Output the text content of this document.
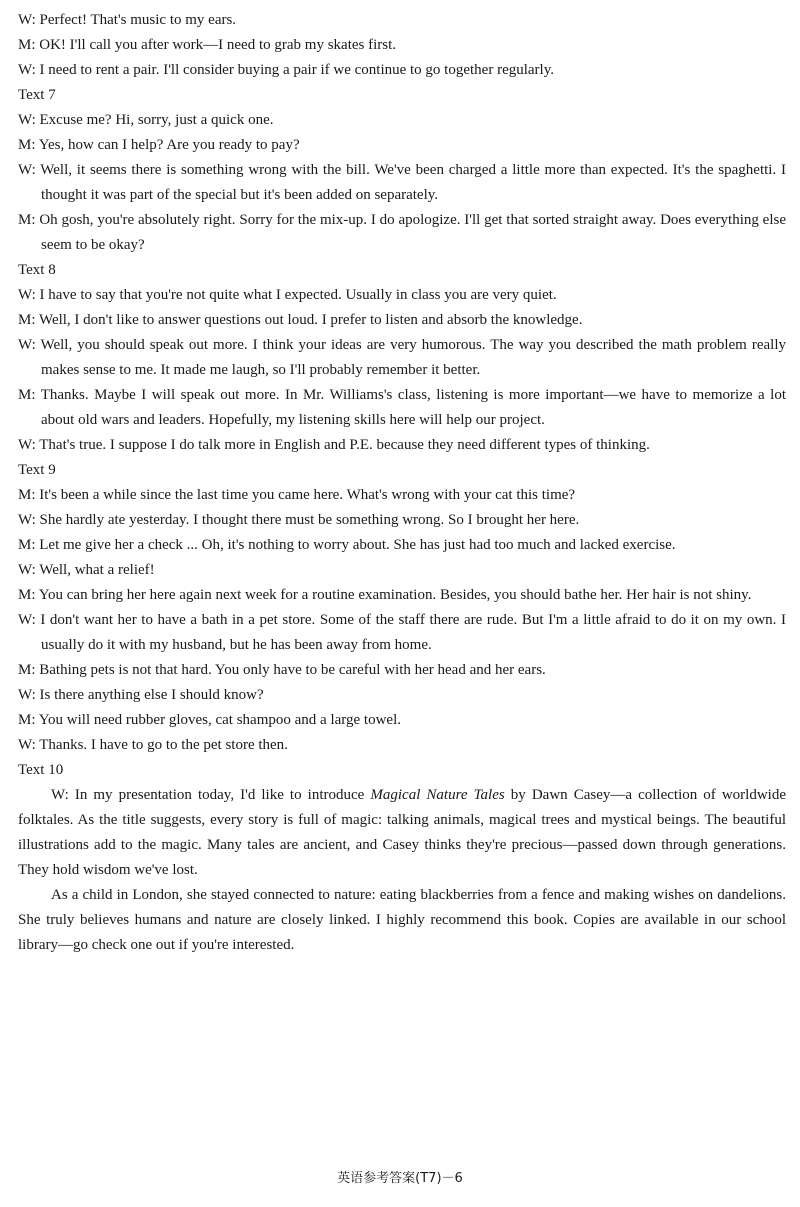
W: Perfect! That's music to my ears.
M: OK! I'll call you after work—I need to grab my skates first.
W: I need to rent a pair. I'll consider buying a pair if we continue to go together regularly.
Text 7
W: Excuse me? Hi, sorry, just a quick one.
M: Yes, how can I help? Are you ready to pay?
W: Well, it seems there is something wrong with the bill. We've been charged a little more than expected. It's the spaghetti. I thought it was part of the special but it's been added on separately.
M: Oh gosh, you're absolutely right. Sorry for the mix-up. I do apologize. I'll get that sorted straight away. Does everything else seem to be okay?
Text 8
W: I have to say that you're not quite what I expected. Usually in class you are very quiet.
M: Well, I don't like to answer questions out loud. I prefer to listen and absorb the knowledge.
W: Well, you should speak out more. I think your ideas are very humorous. The way you described the math problem really makes sense to me. It made me laugh, so I'll probably remember it better.
M: Thanks. Maybe I will speak out more. In Mr. Williams's class, listening is more important—we have to memorize a lot about old wars and leaders. Hopefully, my listening skills here will help our project.
W: That's true. I suppose I do talk more in English and P.E. because they need different types of thinking.
Text 9
M: It's been a while since the last time you came here. What's wrong with your cat this time?
W: She hardly ate yesterday. I thought there must be something wrong. So I brought her here.
M: Let me give her a check ... Oh, it's nothing to worry about. She has just had too much and lacked exercise.
W: Well, what a relief!
M: You can bring her here again next week for a routine examination. Besides, you should bathe her. Her hair is not shiny.
W: I don't want her to have a bath in a pet store. Some of the staff there are rude. But I'm a little afraid to do it on my own. I usually do it with my husband, but he has been away from home.
M: Bathing pets is not that hard. You only have to be careful with her head and her ears.
W: Is there anything else I should know?
M: You will need rubber gloves, cat shampoo and a large towel.
W: Thanks. I have to go to the pet store then.
Text 10

W: In my presentation today, I'd like to introduce Magical Nature Tales by Dawn Casey—a collection of worldwide folktales. As the title suggests, every story is full of magic: talking animals, magical trees and mystical beings. The beautiful illustrations add to the magic. Many tales are ancient, and Casey thinks they're precious—passed down through generations. They hold wisdom we've lost.

As a child in London, she stayed connected to nature: eating blackberries from a fence and making wishes on dandelions. She truly believes humans and nature are closely linked. I highly recommend this book. Copies are available in our school library—go check one out if you're interested.

英语参考答案(T7)－6
